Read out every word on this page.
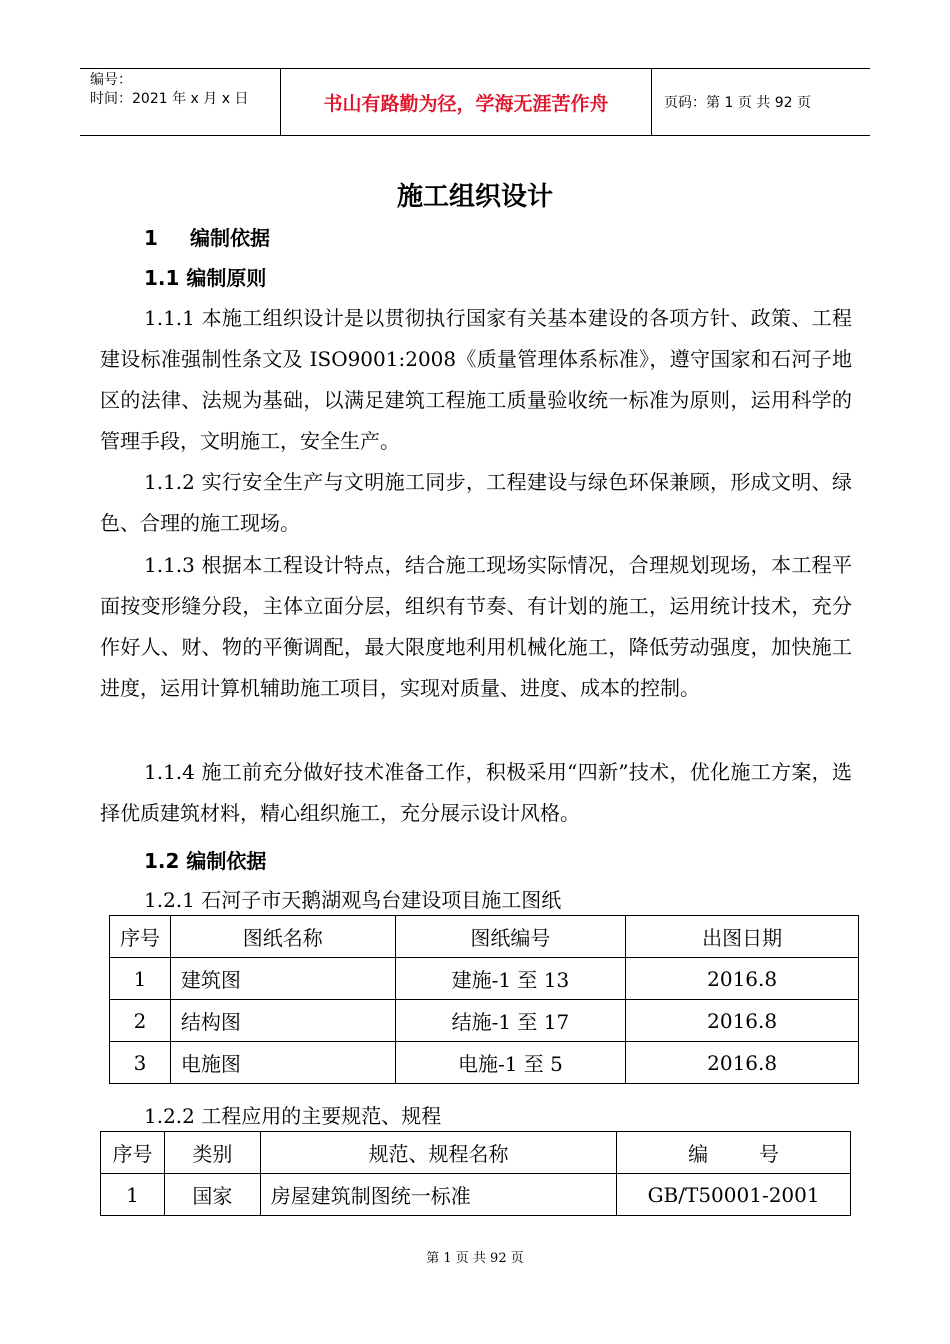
编号：
时间：2021 年 x 月 x 日	书山有路勤为径，学海无涯苦作舟	页码：第 1 页 共 92 页
施工组织设计
1 编制依据
1.1 编制原则

1.1.1 本施工组织设计是以贯彻执行国家有关基本建设的各项方针、政策、工程建设标准强制性条文及 ISO9001:2008《质量管理体系标准》，遵守国家和石河子地区的法律、法规为基础，以满足建筑工程施工质量验收统一标准为原则，运用科学的管理手段，文明施工，安全生产。

1.1.2 实行安全生产与文明施工同步，工程建设与绿色环保兼顾，形成文明、绿色、合理的施工现场。

1.1.3 根据本工程设计特点，结合施工现场实际情况，合理规划现场，本工程平面按变形缝分段，主体立面分层，组织有节奏、有计划的施工，运用统计技术，充分作好人、财、物的平衡调配，最大限度地利用机械化施工，降低劳动强度，加快施工进度，运用计算机辅助施工项目，实现对质量、进度、成本的控制。

1.1.4 施工前充分做好技术准备工作，积极采用“四新”技术，优化施工方案，选择优质建筑材料，精心组织施工，充分展示设计风格。

1.2 编制依据

1.2.1 石河子市天鹅湖观鸟台建设项目施工图纸

序号	图纸名称	图纸编号	出图日期
1	建筑图	建施-1 至 13	2016.8
2	结构图	结施-1 至 17	2016.8
3	电施图	电施-1 至 5	2016.8

1.2.2 工程应用的主要规范、规程

序号	类别	规范、规程名称	编        号
1	国家	房屋建筑制图统一标准	GB/T50001-2001
第 1 页 共 92 页
